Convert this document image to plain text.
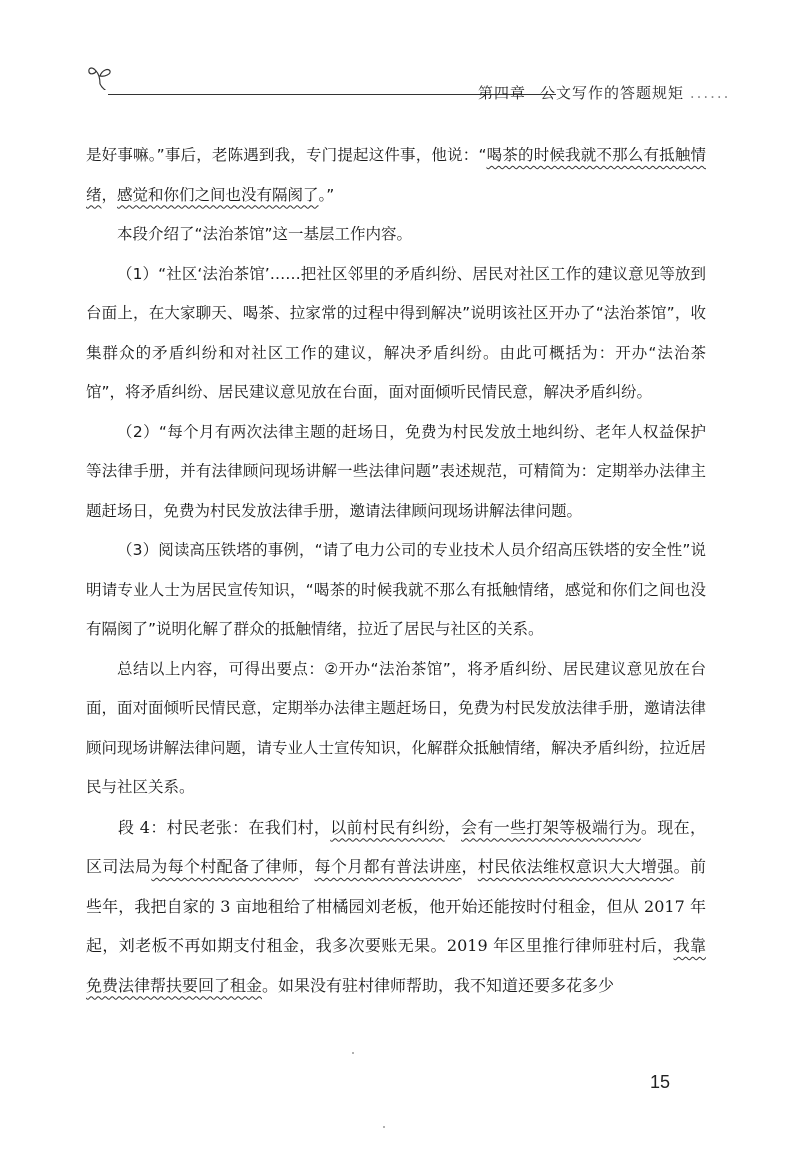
第四章 公文写作的答题规矩 ......

是好事嘛。”事后，老陈遇到我，专门提起这件事，他说：“喝茶的时候我就不那么有抵触情绪，感觉和你们之间也没有隔阂了。”

本段介绍了“法治茶馆”这一基层工作内容。

（1）“社区‘法治茶馆’……把社区邻里的矛盾纠纷、居民对社区工作的建议意见等放到台面上，在大家聊天、喝茶、拉家常的过程中得到解决”说明该社区开办了“法治茶馆”，收集群众的矛盾纠纷和对社区工作的建议，解决矛盾纠纷。由此可概括为：开办“法治茶馆”，将矛盾纠纷、居民建议意见放在台面，面对面倾听民情民意，解决矛盾纠纷。

（2）“每个月有两次法律主题的赶场日，免费为村民发放土地纠纷、老年人权益保护等法律手册，并有法律顾问现场讲解一些法律问题”表述规范，可精简为：定期举办法律主题赶场日，免费为村民发放法律手册，邀请法律顾问现场讲解法律问题。

（3）阅读高压铁塔的事例，“请了电力公司的专业技术人员介绍高压铁塔的安全性”说明请专业人士为居民宣传知识，“喝茶的时候我就不那么有抵触情绪，感觉和你们之间也没有隔阂了”说明化解了群众的抵触情绪，拉近了居民与社区的关系。

总结以上内容，可得出要点：②开办“法治茶馆”，将矛盾纠纷、居民建议意见放在台面，面对面倾听民情民意，定期举办法律主题赶场日，免费为村民发放法律手册，邀请法律顾问现场讲解法律问题，请专业人士宣传知识，化解群众抵触情绪，解决矛盾纠纷，拉近居民与社区关系。

段 4：村民老张：在我们村，以前村民有纠纷，会有一些打架等极端行为。现在，区司法局为每个村配备了律师，每个月都有普法讲座，村民依法维权意识大大增强。前些年，我把自家的 3 亩地租给了柑橘园刘老板，他开始还能按时付租金，但从 2017 年起，刘老板不再如期支付租金，我多次要账无果。2019 年区里推行律师驻村后，我靠免费法律帮扶要回了租金。如果没有驻村律师帮助，我不知道还要多花多少

15
